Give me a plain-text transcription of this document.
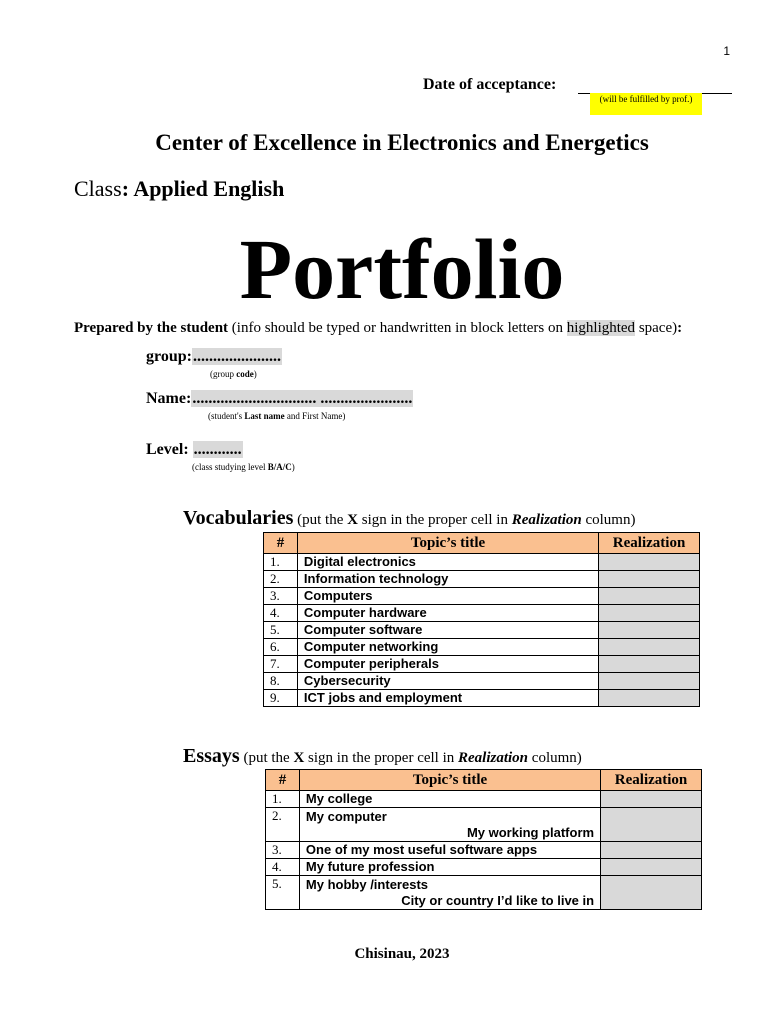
1
Date of acceptance:
(will be fulfilled by prof.)
Center of Excellence in Electronics and Energetics
Class: Applied English
Portfolio
Prepared by the student (info should be typed or handwritten in block letters on highlighted space):
group:......................
(group code)
Name:............................... .......................
(student's Last name and First Name)
Level: ............
(class studying level B/A/C)
Vocabularies (put the X sign in the proper cell in Realization column)
#	Topic’s title	Realization
1.	Digital electronics	
2.	Information technology	
3.	Computers	
4.	Computer hardware	
5.	Computer software	
6.	Computer networking	
7.	Computer peripherals	
8.	Cybersecurity	
9.	ICT jobs and employment	
Essays (put the X sign in the proper cell in Realization column)
#	Topic’s title	Realization
1.	My college	
2.	My computer
My working platform	

3.	One of my most useful software apps	
4.	My future profession	
5.	My hobby /interests
City or country I’d like to live in	

Chisinau, 2023
